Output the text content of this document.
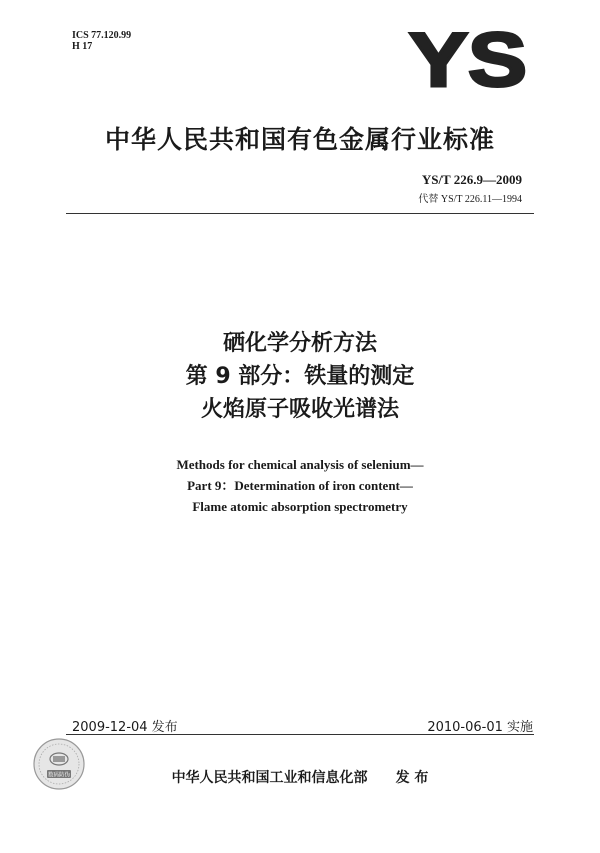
ICS 77.120.99
H 17	YS
中华人民共和国有色金属行业标准
YS/T 226.9—2009
代替 YS/T 226.11—1994
硒化学分析方法
第 9 部分：铁量的测定
火焰原子吸收光谱法
Methods for chemical analysis of selenium—
Part 9：Determination of iron content—
Flame atomic absorption spectrometry
2009-12-04 发布	2010-06-01 实施
数码防伪	中华人民共和国工业和信息化部 发 布
